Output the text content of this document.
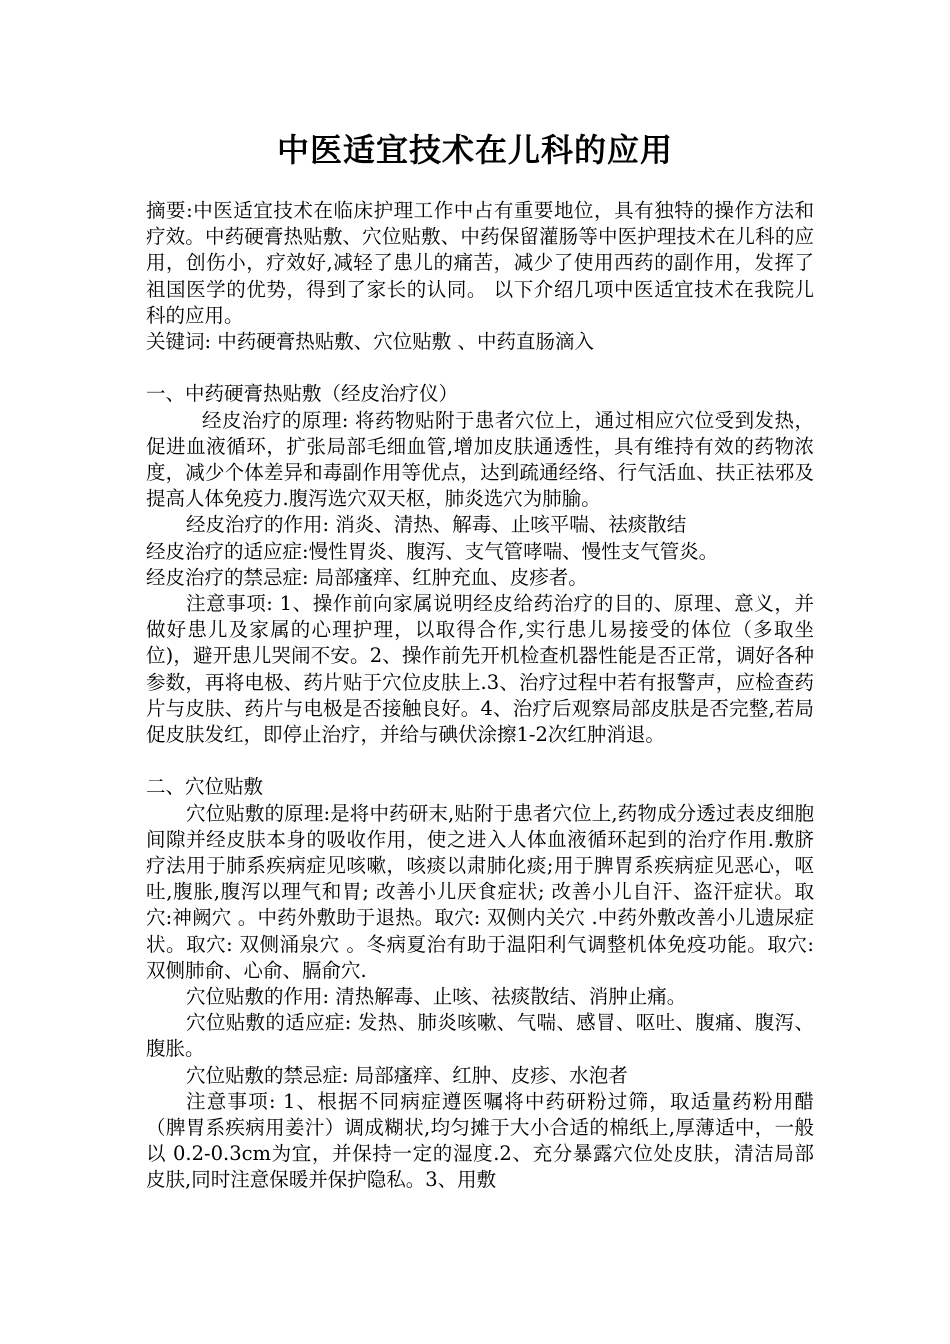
中医适宜技术在儿科的应用

摘要:中医适宜技术在临床护理工作中占有重要地位，具有独特的操作方法和疗效。中药硬膏热贴敷、穴位贴敷、中药保留灌肠等中医护理技术在儿科的应用，创伤小，疗效好,减轻了患儿的痛苦，减少了使用西药的副作用，发挥了祖国医学的优势，得到了家长的认同。 以下介绍几项中医适宜技术在我院儿科的应用。

关键词: 中药硬膏热贴敷、穴位贴敷 、中药直肠滴入

一、中药硬膏热贴敷（经皮治疗仪）

经皮治疗的原理: 将药物贴附于患者穴位上，通过相应穴位受到发热，促进血液循环，扩张局部毛细血管,增加皮肤通透性，具有维持有效的药物浓度，减少个体差异和毒副作用等优点，达到疏通经络、行气活血、扶正祛邪及提高人体免疫力.腹泻选穴双天枢，肺炎选穴为肺腧。

经皮治疗的作用: 消炎、清热、解毒、止咳平喘、祛痰散结

经皮治疗的适应症:慢性胃炎、腹泻、支气管哮喘、慢性支气管炎。

经皮治疗的禁忌症: 局部瘙痒、红肿充血、皮疹者。

注意事项: 1、操作前向家属说明经皮给药治疗的目的、原理、意义，并做好患儿及家属的心理护理，以取得合作,实行患儿易接受的体位（多取坐位)，避开患儿哭闹不安。2、操作前先开机检查机器性能是否正常，调好各种参数，再将电极、药片贴于穴位皮肤上.3、治疗过程中若有报警声，应检查药片与皮肤、药片与电极是否接触良好。4、治疗后观察局部皮肤是否完整,若局促皮肤发红，即停止治疗，并给与碘伏涂擦1-2次红肿消退。

二、穴位贴敷

穴位贴敷的原理:是将中药研末,贴附于患者穴位上,药物成分透过表皮细胞间隙并经皮肤本身的吸收作用，使之进入人体血液循环起到的治疗作用.敷脐疗法用于肺系疾病症见咳嗽，咳痰以肃肺化痰;用于脾胃系疾病症见恶心，呕吐,腹胀,腹泻以理气和胃; 改善小儿厌食症状; 改善小儿自汗、盗汗症状。取穴:神阙穴 。中药外敷助于退热。取穴: 双侧内关穴 .中药外敷改善小儿遗尿症状。取穴: 双侧涌泉穴 。冬病夏治有助于温阳利气调整机体免疫功能。取穴: 双侧肺俞、心俞、膈俞穴.

穴位贴敷的作用: 清热解毒、止咳、祛痰散结、消肿止痛。

穴位贴敷的适应症: 发热、肺炎咳嗽、气喘、感冒、呕吐、腹痛、腹泻、腹胀。

穴位贴敷的禁忌症: 局部瘙痒、红肿、皮疹、水泡者

注意事项: 1、根据不同病症遵医嘱将中药研粉过筛，取适量药粉用醋（脾胃系疾病用姜汁）调成糊状,均匀摊于大小合适的棉纸上,厚薄适中，一般以 0.2-0.3cm为宜，并保持一定的湿度.2、充分暴露穴位处皮肤，清洁局部皮肤,同时注意保暖并保护隐私。3、用敷
